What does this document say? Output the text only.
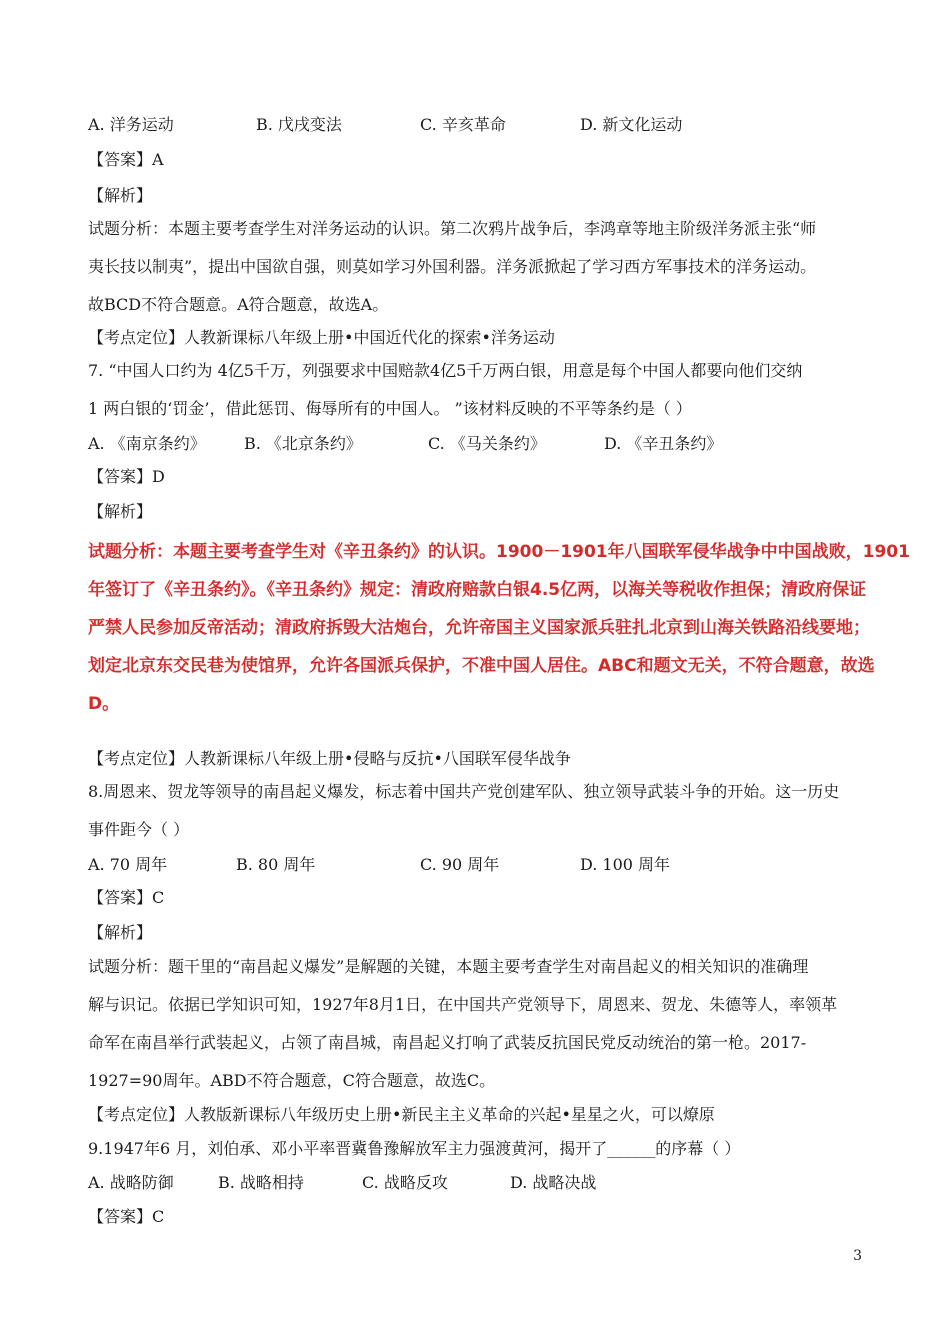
A. 洋务运动	B. 戊戌变法	C. 辛亥革命	D. 新文化运动
【答案】A
【解析】
试题分析：本题主要考查学生对洋务运动的认识。第二次鸦片战争后，李鸿章等地主阶级洋务派主张“师
夷长技以制夷”，提出中国欲自强，则莫如学习外国利器。洋务派掀起了学习西方军事技术的洋务运动。
故BCD不符合题意。A符合题意，故选A。
【考点定位】人教新课标八年级上册•中国近代化的探索•洋务运动
7. “中国人口约为 4亿5千万，列强要求中国赔款4亿5千万两白银，用意是每个中国人都要向他们交纳
1 两白银的‘罚金’，借此惩罚、侮辱所有的中国人。 ”该材料反映的不平等条约是（ ）
A. 《南京条约》 B. 《北京条约》	C. 《马关条约》	D. 《辛丑条约》
【答案】D
【解析】
试题分析：本题主要考查学生对《辛丑条约》的认识。1900－1901年八国联军侵华战争中中国战败，1901
年签订了《辛丑条约》。《辛丑条约》规定：清政府赔款白银4.5亿两，以海关等税收作担保；清政府保证
严禁人民参加反帝活动；清政府拆毁大沽炮台，允许帝国主义国家派兵驻扎北京到山海关铁路沿线要地；
划定北京东交民巷为使馆界，允许各国派兵保护，不准中国人居住。ABC和题文无关，不符合题意，故选
D。
【考点定位】人教新课标八年级上册•侵略与反抗•八国联军侵华战争
8.周恩来、贺龙等领导的南昌起义爆发，标志着中国共产党创建军队、独立领导武装斗争的开始。这一历史
事件距今（ ）
A. 70 周年	B. 80 周年	C. 90 周年	D. 100 周年
【答案】C
【解析】
试题分析：题干里的“南昌起义爆发”是解题的关键，本题主要考查学生对南昌起义的相关知识的准确理
解与识记。依据已学知识可知，1927年8月1日，在中国共产党领导下，周恩来、贺龙、朱德等人，率领革
命军在南昌举行武装起义，占领了南昌城，南昌起义打响了武装反抗国民党反动统治的第一枪。2017-
1927=90周年。ABD不符合题意，C符合题意，故选C。
【考点定位】人教版新课标八年级历史上册•新民主主义革命的兴起•星星之火，可以燎原
9.1947年6 月，刘伯承、邓小平率晋冀鲁豫解放军主力强渡黄河，揭开了______的序幕（ ）
A. 战略防御	B. 战略相持	C. 战略反攻	D. 战略决战
【答案】C
3
